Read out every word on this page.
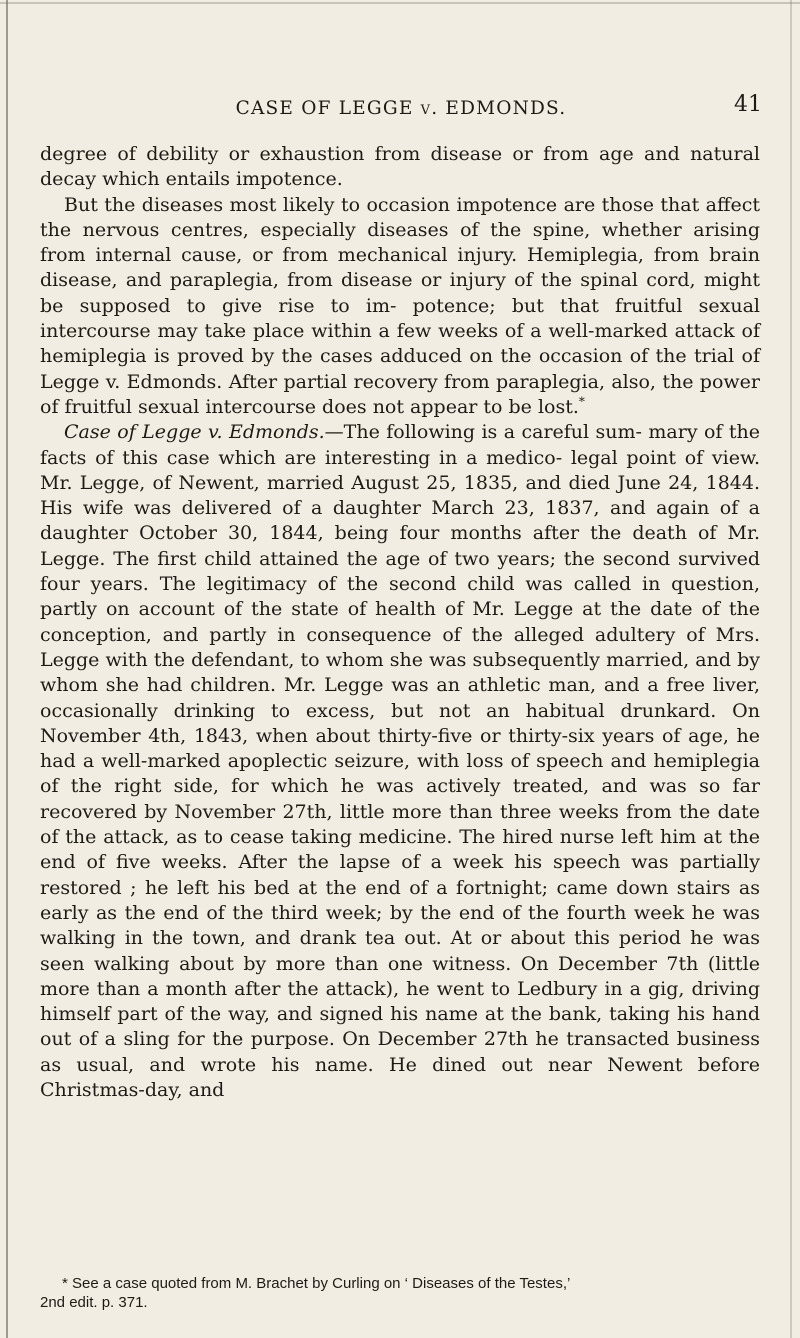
CASE OF LEGGE v. EDMONDS.	41

degree of debility or exhaustion from disease or from age and natural decay which entails impotence.

But the diseases most likely to occasion impotence are those that affect the nervous centres, especially diseases of the spine, whether arising from internal cause, or from mechanical injury. Hemiplegia, from brain disease, and paraplegia, from disease or injury of the spinal cord, might be supposed to give rise to im- potence; but that fruitful sexual intercourse may take place within a few weeks of a well-marked attack of hemiplegia is proved by the cases adduced on the occasion of the trial of Legge v. Edmonds. After partial recovery from paraplegia, also, the power of fruitful sexual intercourse does not appear to be lost.*

Case of Legge v. Edmonds.—The following is a careful sum- mary of the facts of this case which are interesting in a medico- legal point of view. Mr. Legge, of Newent, married August 25, 1835, and died June 24, 1844. His wife was delivered of a daughter March 23, 1837, and again of a daughter October 30, 1844, being four months after the death of Mr. Legge. The first child attained the age of two years; the second survived four years. The legitimacy of the second child was called in question, partly on account of the state of health of Mr. Legge at the date of the conception, and partly in consequence of the alleged adultery of Mrs. Legge with the defendant, to whom she was subsequently married, and by whom she had children. Mr. Legge was an athletic man, and a free liver, occasionally drinking to excess, but not an habitual drunkard. On November 4th, 1843, when about thirty-five or thirty-six years of age, he had a well-marked apoplectic seizure, with loss of speech and hemiplegia of the right side, for which he was actively treated, and was so far recovered by November 27th, little more than three weeks from the date of the attack, as to cease taking medicine. The hired nurse left him at the end of five weeks. After the lapse of a week his speech was partially restored ; he left his bed at the end of a fortnight; came down stairs as early as the end of the third week; by the end of the fourth week he was walking in the town, and drank tea out. At or about this period he was seen walking about by more than one witness. On December 7th (little more than a month after the attack), he went to Ledbury in a gig, driving himself part of the way, and signed his name at the bank, taking his hand out of a sling for the purpose. On December 27th he transacted business as usual, and wrote his name. He dined out near Newent before Christmas-day, and

* See a case quoted from M. Brachet by Curling on ‘ Diseases of the Testes,’

2nd edit. p. 371.
